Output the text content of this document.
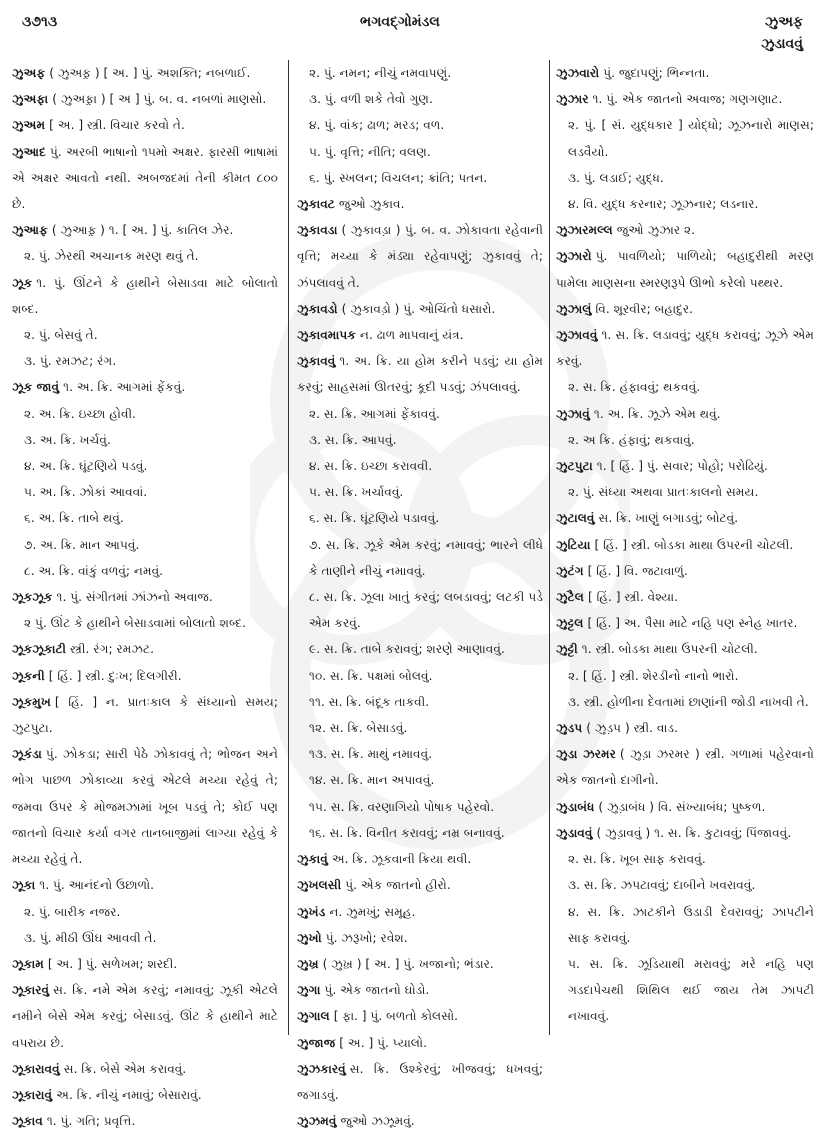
૩૭૧૩	ભગવદ્ગોમંડલ	ઝુઅફ
ઝુડાવવું
ઝુઅફ ( ઝુઅફ઼ ) [ અ. ] પું. અશક્તિ; નબળાઈ.
ઝુઅફા ( ઝુઅફ઼ા ) [ અ ] પું. બ. વ. નબળાં માણસો.
ઝુઅમ [ અ. ] સ્ત્રી. વિચાર કરવો તે.
ઝુઆદ પું. અરબી ભાષાનો ૧૫મો અક્ષર. ફારસી ભાષામાં એ અક્ષર આવતો નથી. અબજદમાં તેની કીમત ૮૦૦ છે.
ઝુઆફ ( ઝુઆફ઼ ) ૧. [ અ. ] પું. કાતિલ ઝેર.
૨. પું. ઝેરથી અચાનક મરણ થવું તે.
ઝૂક ૧. પું. ઊંટને કે હાથીને બેસાડવા માટે બોલાતો શબ્દ.
૨. પું. બેસવું તે.
૩. પું. રમઝટ; રંગ.
ઝૂક જાવું ૧. અ. ક્રિ. આગમાં ફેંકવું.
૨. અ. ક્રિ. ઇચ્છા હોવી.
૩. અ. ક્રિ. ખર્ચવું.
૪. અ. ક્રિ. ઘૂંટણિયે પડવું.
૫. અ. ક્રિ. ઝોકાં આવવાં.
૬. અ. ક્રિ. તાબે થવું.
૭. અ. ક્રિ. માન આપવું.
૮. અ. ક્રિ. વાંકું વળવું; નમવું.
ઝૂકઝૂક ૧. પું. સંગીતમાં ઝાંઝનો અવાજ.
૨ પું. ઊંટ કે હાથીને બેસાડવામાં બોલાતો શબ્દ.
ઝૂકઝૂકાટી સ્ત્રી. રંગ; રમઝટ.
ઝૂકની [ હિં. ] સ્ત્રી. દુઃખ; દિલગીરી.
ઝૂકમુખ [ હિં. ] ન. પ્રાતઃકાલ કે સંધ્યાનો સમય; ઝુટપુટા.
ઝૂકંડા પું. ઝોકડા; સારી પેઠે ઝોકાવવું તે; ભોજન અને ભોગ પાછળ ઝોકાવ્યા કરવું એટલે મચ્યા રહેવું તે; જમવા ઉપર કે મોજમઝામાં ખૂબ પડવું તે; કોઈ પણ જાતનો વિચાર કર્યા વગર તાનબાજીમાં લાગ્યા રહેવું કે મચ્યા રહેવું તે.
ઝૂકા ૧. પું. આનંદનો ઉછાળો.
૨. પું. બારીક નજર.
૩. પું. મીઠી ઊંઘ આવવી તે.
ઝૂકામ [ અ. ] પું. સળેખમ; શરદી.
ઝૂકારવું સ. ક્રિ. નમે એમ કરવું; નમાવવું; ઝૂકી એટલે નમીને બેસે એમ કરવું; બેસાડવું. ઊંટ કે હાથીને માટે વપરાય છે.
ઝૂકારાવવું સ. ક્રિ. બેસે એમ કરાવવું.
ઝૂકારાવું અ. ક્રિ. નીચું નમાવું; બેસારાવું.
ઝૂકાવ ૧. પું. ગતિ; પ્રવૃત્તિ.
૨. પું. નમન; નીચું નમવાપણું.
૩. પું. વળી શકે તેવો ગુણ.
૪. પું. વાંક; ઢાળ; મરડ; વળ.
૫. પું. વૃત્તિ; નીતિ; વલણ.
૬. પું. સ્ખલન; વિચલન; ક્રાંતિ; પતન.
ઝુકાવટ જુઓ ઝુકાવ.
ઝુકાવડા ( ઝુકાવડ઼ા ) પું. બ. વ. ઝોકાવતા રહેવાની વૃત્તિ; મચ્યા કે મંડ્યા રહેવાપણું; ઝુકાવવું તે; ઝંપલાવવું તે.
ઝુકાવડો ( ઝુકાવડ઼ો ) પું. ઓચિંતો ધસારો.
ઝુકાવમાપક ન. ઢાળ માપવાનું યંત્ર.
ઝુકાવવું ૧. અ. ક્રિ. યા હોમ કરીને પડવું; યા હોમ કરવું; સાહસમાં ઊતરવું; કૂદી પડવું; ઝંપલાવવું.
૨. સ. ક્રિ. આગમાં ફેંકાવવું.
૩. સ. ક્રિ. આપવું.
૪. સ. ક્રિ. ઇચ્છા કરાવવી.
૫. સ. ક્રિ. ખર્ચાવવું.
૬. સ. ક્રિ. ઘૂંટણિયે પડાવવું.
૭. સ. ક્રિ. ઝૂકે એમ કરવું; નમાવવું; ભારને લીધે કે તાણીને નીચું નમાવવું.
૮. સ. ક્રિ. ઝૂલા ખાતું કરવું; લબડાવવું; લટકી પડે એમ કરવું.
૯. સ. ક્રિ. તાબે કરાવવું; શરણે આણાવવું.
૧૦. સ. ક્રિ. પક્ષમાં બોલવું.
૧૧. સ. ક્રિ. બંદૂક તાકવી.
૧૨. સ. ક્રિ. બેસાડવું.
૧૩. સ. ક્રિ. માથું નમાવવું.
૧૪. સ. ક્રિ. માન અપાવવું.
૧૫. સ. ક્રિ. વરણાગિયો પોષાક પહેરવો.
૧૬. સ. ક્રિ. વિનીત કરાવવું; નમ્ર બનાવવું.
ઝુકાવું અ. ક્રિ. ઝૂકવાની ક્રિયા થવી.
ઝુખલસી પું. એક જાતનો હીરો.
ઝુખંડ ન. ઝુમખું; સમૂહ.
ઝુખો પું. ઝરૂખો; રવેશ.
ઝુખ્ર ( ઝુખ઼્ર ) [ અ. ] પું. ખજાનો; ભંડાર.
ઝુગા પું. એક જાતનો ઘોડો.
ઝુગાલ [ ફા. ] પું. બળતો કોલસો.
ઝુજાજ [ અ. ] પું. પ્યાલો.
ઝુઝકારવું સ. ક્રિ. ઉશ્કેરવું; ખીજવવું; ધખવવું; જગાડવું.
ઝુઝમવું જુઓ ઝઝૂમવું.
ઝુઝવારો પું. જુદાપણું; ભિન્નતા.
ઝુઝાર ૧. પું. એક જાતનો અવાજ; ગણગણાટ.
૨. પું. [ સં. યુદ્ધકાર ] યોદ્ધો; ઝૂઝનારો માણસ; લડવૈયો.
૩. પું. લડાઈ; યુદ્ધ.
૪. વિ. યુદ્ધ કરનાર; ઝૂઝનાર; લડનાર.
ઝુઝારમલ્લ જુઓ ઝુઝાર ૨.
ઝુઝારો પું. પાવળિયો; પાળિયો; બહાદુરીથી મરણ પામેલા માણસના સ્મરણરૂપે ઊભો કરેલો પથ્થર.
ઝુઝાલું વિ. શૂરવીર; બહાદુર.
ઝુઝાવવું ૧. સ. ક્રિ. લડાવવું; યુદ્ધ કરાવવું; ઝૂઝે એમ કરવું.
૨. સ. ક્રિ. હંફાવવું; થકવવું.
ઝુઝાવું ૧. અ. ક્રિ. ઝૂઝે એમ થવું.
૨. અ ક્રિ. હંફાવું; થકવાવું.
ઝુટપુટા ૧. [ હિં. ] પું. સવાર; પોહો; પરોઢિયું.
૨. પું. સંધ્યા અથવા પ્રાતઃકાલનો સમય.
ઝુટાલવું સ. ક્રિ. ખાણું બગાડવું; બોટવું.
ઝુટિયા [ હિં. ] સ્ત્રી. બોડકા માથા ઉપરની ચોટલી.
ઝુટંગ [ હિં. ] વિ. જટાવાળું.
ઝુટૈલ [ હિં. ] સ્ત્રી. વેશ્યા.
ઝુટ્ટલ [ હિં. ] અ. પૈસા માટે નહિ પણ સ્નેહ ખાતર.
ઝુટ્ટી ૧. સ્ત્રી. બોડકા માથા ઉપરની ચોટલી.
૨. [ હિં. ] સ્ત્રી. શેરડીનો નાનો ભારો.
૩. સ્ત્રી. હોળીના દેવતામાં છાણાંની જોડી નાખવી તે.
ઝુડપ ( ઝુડ઼પ ) સ્ત્રી. વાડ.
ઝુડા ઝરમર ( ઝુડ઼ા ઝરમર ) સ્ત્રી. ગળામાં પહેરવાનો એક જાતનો દાગીનો.
ઝુડાબંધ ( ઝુડ઼ાબંધ ) વિ. સંખ્યાબંધ; પુષ્કળ.
ઝુડાવવું ( ઝુડ઼ાવવું ) ૧. સ. ક્રિ. કુટાવવું; પિંજાવવું.
૨. સ. ક્રિ. ખૂબ સાફ કરાવવું.
૩. સ. ક્રિ. ઝપટાવવું; દાબીને ખવરાવવું.
૪. સ. ક્રિ. ઝાટકીને ઉડાડી દેવરાવવું; ઝાપટીને સાફ કરાવવું.
૫. સ. ક્રિ. ઝૂડિયાથી મરાવવું; મરે નહિ પણ ગડદાપેચથી શિથિલ થઈ જાય તેમ ઝાપટી નખાવવું.
